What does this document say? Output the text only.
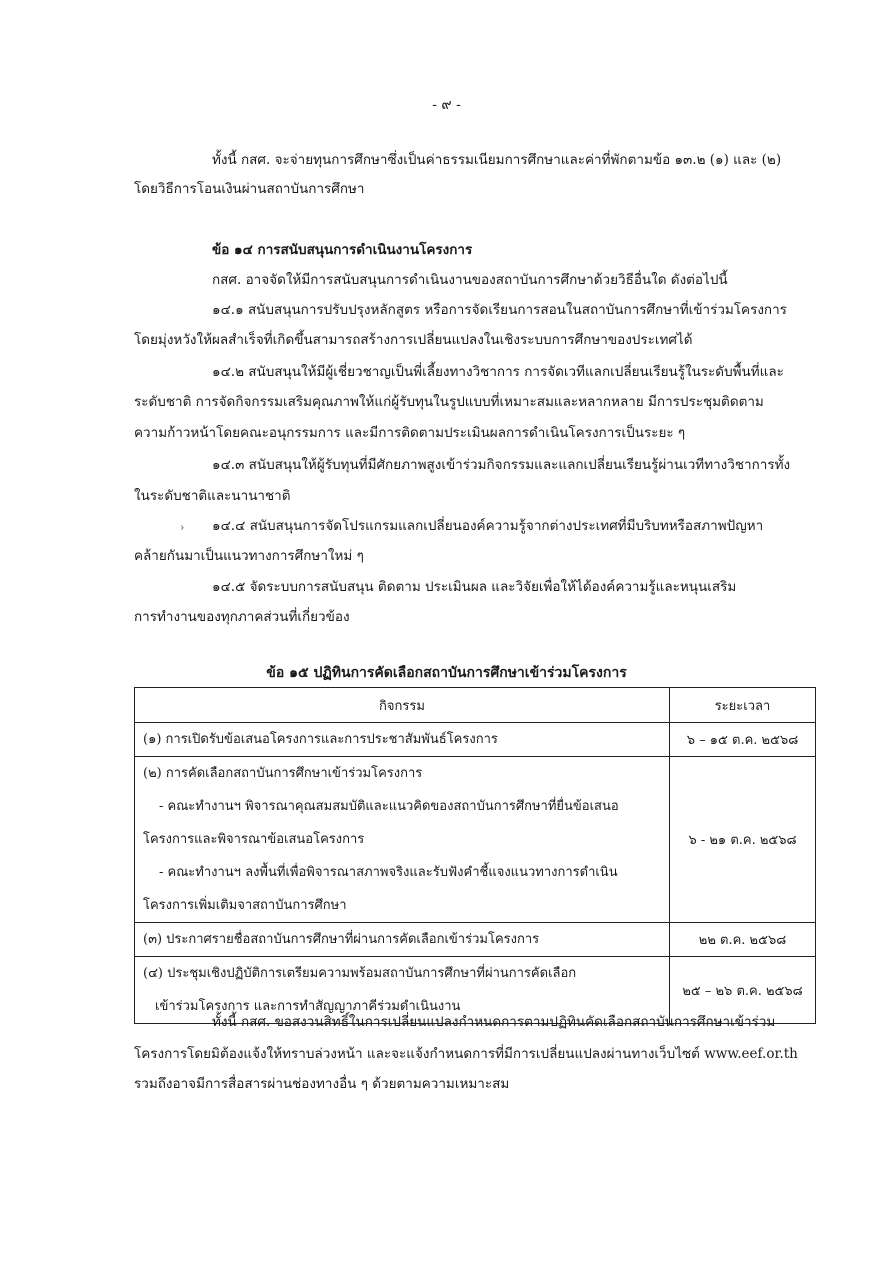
- ๙ -
ทั้งนี้ กสศ. จะจ่ายทุนการศึกษาซึ่งเป็นค่าธรรมเนียมการศึกษาและค่าที่พักตามข้อ ๑๓.๒ (๑) และ (๒)
โดยวิธีการโอนเงินผ่านสถาบันการศึกษา
ข้อ ๑๔ การสนับสนุนการดำเนินงานโครงการ
กสศ. อาจจัดให้มีการสนับสนุนการดำเนินงานของสถาบันการศึกษาด้วยวิธีอื่นใด ดังต่อไปนี้
๑๔.๑ สนับสนุนการปรับปรุงหลักสูตร หรือการจัดเรียนการสอนในสถาบันการศึกษาที่เข้าร่วมโครงการ
โดยมุ่งหวังให้ผลสำเร็จที่เกิดขึ้นสามารถสร้างการเปลี่ยนแปลงในเชิงระบบการศึกษาของประเทศได้
๑๔.๒ สนับสนุนให้มีผู้เชี่ยวชาญเป็นพี่เลี้ยงทางวิชาการ การจัดเวทีแลกเปลี่ยนเรียนรู้ในระดับพื้นที่และ
ระดับชาติ การจัดกิจกรรมเสริมคุณภาพให้แก่ผู้รับทุนในรูปแบบที่เหมาะสมและหลากหลาย มีการประชุมติดตาม
ความก้าวหน้าโดยคณะอนุกรรมการ และมีการติดตามประเมินผลการดำเนินโครงการเป็นระยะ ๆ
๑๔.๓ สนับสนุนให้ผู้รับทุนที่มีศักยภาพสูงเข้าร่วมกิจกรรมและแลกเปลี่ยนเรียนรู้ผ่านเวทีทางวิชาการทั้ง
ในระดับชาติและนานาชาติ
› ๑๔.๔ สนับสนุนการจัดโปรแกรมแลกเปลี่ยนองค์ความรู้จากต่างประเทศที่มีบริบทหรือสภาพปัญหา
คล้ายกันมาเป็นแนวทางการศึกษาใหม่ ๆ
๑๔.๕ จัดระบบการสนับสนุน ติดตาม ประเมินผล และวิจัยเพื่อให้ได้องค์ความรู้และหนุนเสริม
การทำงานของทุกภาคส่วนที่เกี่ยวข้อง
ข้อ ๑๕ ปฏิทินการคัดเลือกสถาบันการศึกษาเข้าร่วมโครงการ
กิจกรรม	ระยะเวลา

(๑) การเปิดรับข้อเสนอโครงการและการประชาสัมพันธ์โครงการ	๖ – ๑๕ ต.ค. ๒๕๖๘

(๒) การคัดเลือกสถาบันการศึกษาเข้าร่วมโครงการ
- คณะทำงานฯ พิจารณาคุณสมสมบัติและแนวคิดของสถาบันการศึกษาที่ยื่นข้อเสนอ
โครงการและพิจารณาข้อเสนอโครงการ
- คณะทำงานฯ ลงพื้นที่เพื่อพิจารณาสภาพจริงและรับฟังคำชี้แจงแนวทางการดำเนิน
โครงการเพิ่มเติมจาสถาบันการศึกษา	๖ - ๒๑ ต.ค. ๒๕๖๘

(๓) ประกาศรายชื่อสถาบันการศึกษาที่ผ่านการคัดเลือกเข้าร่วมโครงการ	๒๒ ต.ค. ๒๕๖๘

(๔) ประชุมเชิงปฏิบัติการเตรียมความพร้อมสถาบันการศึกษาที่ผ่านการคัดเลือก
เข้าร่วมโครงการ และการทำสัญญาภาคีร่วมดำเนินงาน	๒๕ – ๒๖ ต.ค. ๒๕๖๘
ทั้งนี้ กสศ. ขอสงวนสิทธิ์ในการเปลี่ยนแปลงกำหนดการตามปฏิทินคัดเลือกสถาบันการศึกษาเข้าร่วม
โครงการโดยมิต้องแจ้งให้ทราบล่วงหน้า และจะแจ้งกำหนดการที่มีการเปลี่ยนแปลงผ่านทางเว็บไซต์ www.eef.or.th
รวมถึงอาจมีการสื่อสารผ่านช่องทางอื่น ๆ ด้วยตามความเหมาะสม
